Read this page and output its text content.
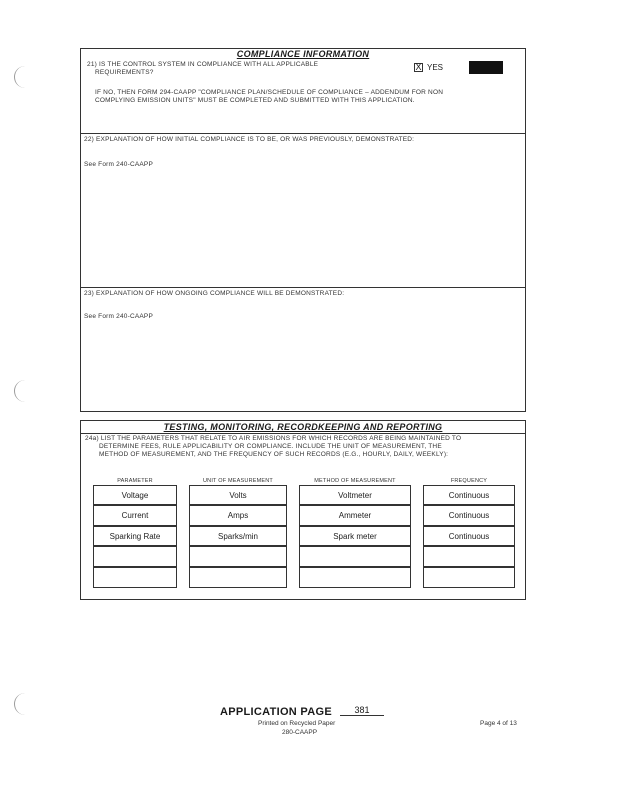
COMPLIANCE INFORMATION
21) IS THE CONTROL SYSTEM IN COMPLIANCE WITH ALL APPLICABLE
REQUIREMENTS?
X YES
IF NO, THEN FORM 294-CAAPP "COMPLIANCE PLAN/SCHEDULE OF COMPLIANCE – ADDENDUM FOR NON
COMPLYING EMISSION UNITS" MUST BE COMPLETED AND SUBMITTED WITH THIS APPLICATION.
22) EXPLANATION OF HOW INITIAL COMPLIANCE IS TO BE, OR WAS PREVIOUSLY, DEMONSTRATED:
See Form 240-CAAPP
23) EXPLANATION OF HOW ONGOING COMPLIANCE WILL BE DEMONSTRATED:
See Form 240-CAAPP
TESTING, MONITORING, RECORDKEEPING AND REPORTING
24a) LIST THE PARAMETERS THAT RELATE TO AIR EMISSIONS FOR WHICH RECORDS ARE BEING MAINTAINED TO
DETERMINE FEES, RULE APPLICABILITY OR COMPLIANCE. INCLUDE THE UNIT OF MEASUREMENT, THE
METHOD OF MEASUREMENT, AND THE FREQUENCY OF SUCH RECORDS (E.G., HOURLY, DAILY, WEEKLY):
PARAMETER	UNIT OF MEASUREMENT	METHOD OF MEASUREMENT	FREQUENCY
Voltage	Volts	Voltmeter	Continuous
Current	Amps	Ammeter	Continuous
Sparking Rate	Sparks/min	Spark meter	Continuous
APPLICATION PAGE	381
Printed on Recycled Paper
280-CAAPP
Page 4 of 13
